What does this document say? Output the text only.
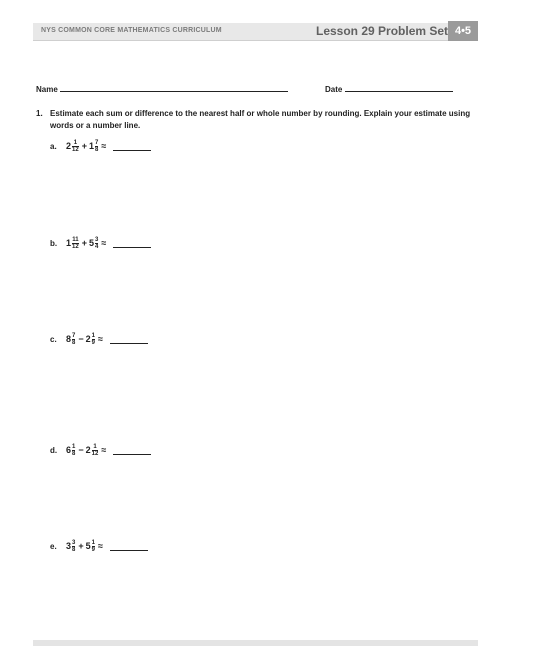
NYS COMMON CORE MATHEMATICS CURRICULUM	Lesson 29 Problem Set 4•5
Name	Date
1. Estimate each sum or difference to the nearest half or whole number by rounding. Explain your estimate using words or a number line.
a.	$2 \frac{1}{12} + 1 \frac{7}{8}$ ≈
b. $1 \frac{11}{12} + 5 \frac{3}{4}$ ≈
c.	$8 \frac{7}{8} - 2 \frac{1}{9}$ ≈
d. $6 \frac{1}{8} - 2 \frac{1}{12}$ ≈
e.	$3 \frac{3}{8} + 5 \frac{1}{9}$ ≈
